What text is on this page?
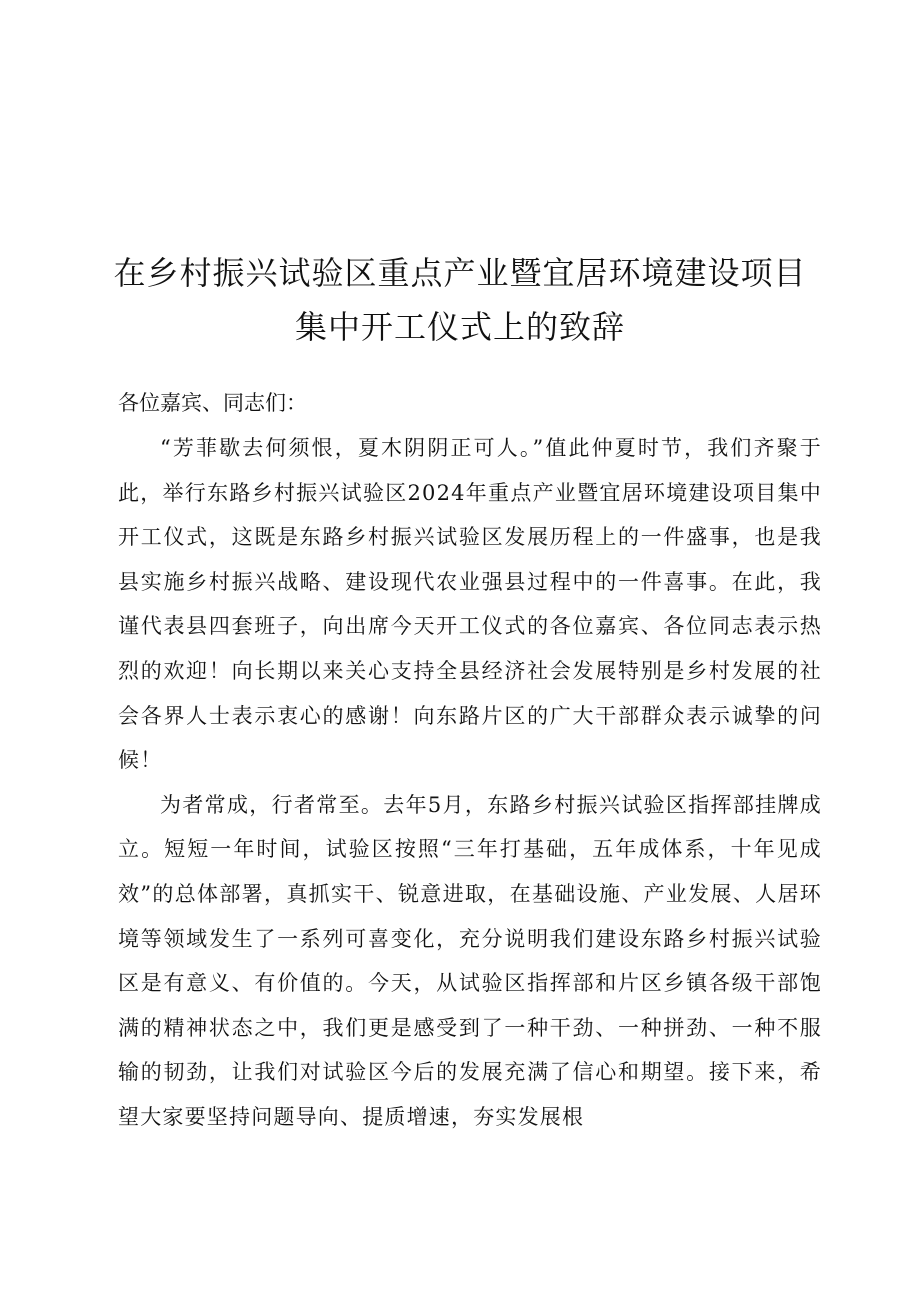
在乡村振兴试验区重点产业暨宜居环境建设项目集中开工仪式上的致辞

各位嘉宾、同志们：

“芳菲歇去何须恨，夏木阴阴正可人。”值此仲夏时节，我们齐聚于此，举行东路乡村振兴试验区2024年重点产业暨宜居环境建设项目集中开工仪式，这既是东路乡村振兴试验区发展历程上的一件盛事，也是我县实施乡村振兴战略、建设现代农业强县过程中的一件喜事。在此，我谨代表县四套班子，向出席今天开工仪式的各位嘉宾、各位同志表示热烈的欢迎！向长期以来关心支持全县经济社会发展特别是乡村发展的社会各界人士表示衷心的感谢！向东路片区的广大干部群众表示诚挚的问候！

为者常成，行者常至。去年5月，东路乡村振兴试验区指挥部挂牌成立。短短一年时间，试验区按照“三年打基础，五年成体系，十年见成效”的总体部署，真抓实干、锐意进取，在基础设施、产业发展、人居环境等领域发生了一系列可喜变化，充分说明我们建设东路乡村振兴试验区是有意义、有价值的。今天，从试验区指挥部和片区乡镇各级干部饱满的精神状态之中，我们更是感受到了一种干劲、一种拼劲、一种不服输的韧劲，让我们对试验区今后的发展充满了信心和期望。接下来，希望大家要坚持问题导向、提质增速，夯实发展根
